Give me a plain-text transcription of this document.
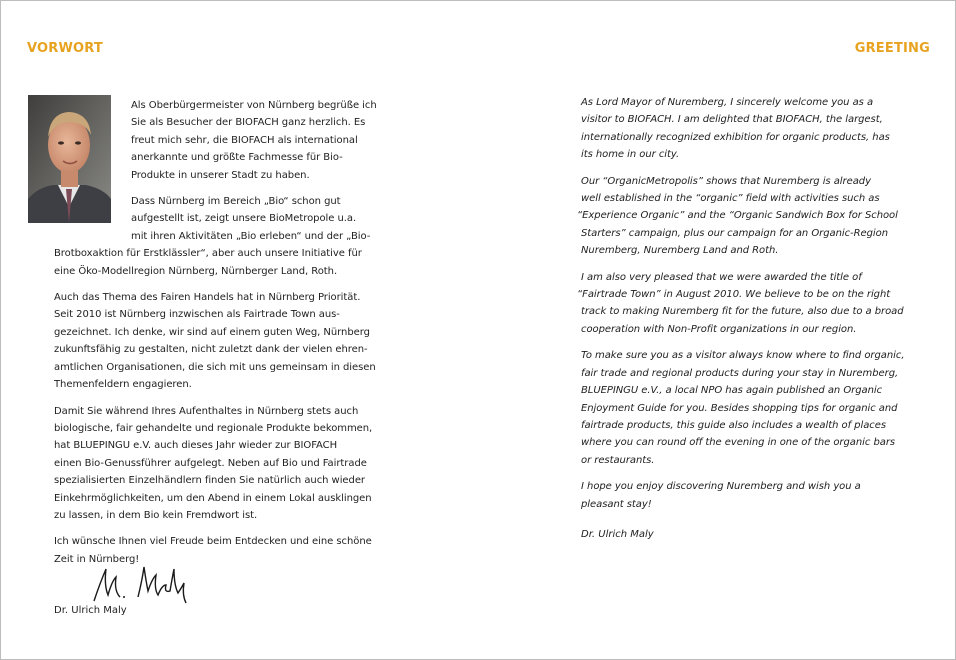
VORWORT	GREETING

Als Oberbürgermeister von Nürnberg begrüße ich
Sie als Besucher der BIOFACH ganz herzlich. Es
freut mich sehr, die BIOFACH als international
anerkannte und größte Fachmesse für Bio-
Produkte in unserer Stadt zu haben.

Dass Nürnberg im Bereich „Bio“ schon gut
aufgestellt ist, zeigt unsere BioMetropole u.a.
mit ihren Aktivitäten „Bio erleben“ und der „Bio-
Brotboxaktion für Erstklässler“, aber auch unsere Initiative für
eine Öko-Modellregion Nürnberg, Nürnberger Land, Roth.

Auch das Thema des Fairen Handels hat in Nürnberg Priorität.
Seit 2010 ist Nürnberg inzwischen als Fairtrade Town aus-
gezeichnet. Ich denke, wir sind auf einem guten Weg, Nürnberg
zukunftsfähig zu gestalten, nicht zuletzt dank der vielen ehren-
amtlichen Organisationen, die sich mit uns gemeinsam in diesen
Themenfeldern engagieren.

Damit Sie während Ihres Aufenthaltes in Nürnberg stets auch
biologische, fair gehandelte und regionale Produkte bekommen,
hat BLUEPINGU e.V. auch dieses Jahr wieder zur BIOFACH
einen Bio-Genussführer aufgelegt. Neben auf Bio und Fairtrade
spezialisierten Einzelhändlern finden Sie natürlich auch wieder
Einkehrmöglichkeiten, um den Abend in einem Lokal ausklingen
zu lassen, in dem Bio kein Fremdwort ist.

Ich wünsche Ihnen viel Freude beim Entdecken und eine schöne
Zeit in Nürnberg!

Dr. Ulrich Maly

As Lord Mayor of Nuremberg, I sincerely welcome you as a
visitor to BIOFACH. I am delighted that BIOFACH, the largest,
internationally recognized exhibition for organic products, has
its home in our city.

Our “OrganicMetropolis” shows that Nuremberg is already
well established in the “organic” field with activities such as
“Experience Organic” and the “Organic Sandwich Box for School
Starters” campaign, plus our campaign for an Organic-Region
Nuremberg, Nuremberg Land and Roth.

I am also very pleased that we were awarded the title of
“Fairtrade Town” in August 2010. We believe to be on the right
track to making Nuremberg fit for the future, also due to a broad
cooperation with Non-Profit organizations in our region.

To make sure you as a visitor always know where to find organic,
fair trade and regional products during your stay in Nuremberg,
BLUEPINGU e.V., a local NPO has again published an Organic
Enjoyment Guide for you. Besides shopping tips for organic and
fairtrade products, this guide also includes a wealth of places
where you can round off the evening in one of the organic bars
or restaurants.

I hope you enjoy discovering Nuremberg and wish you a
pleasant stay!

Dr. Ulrich Maly
